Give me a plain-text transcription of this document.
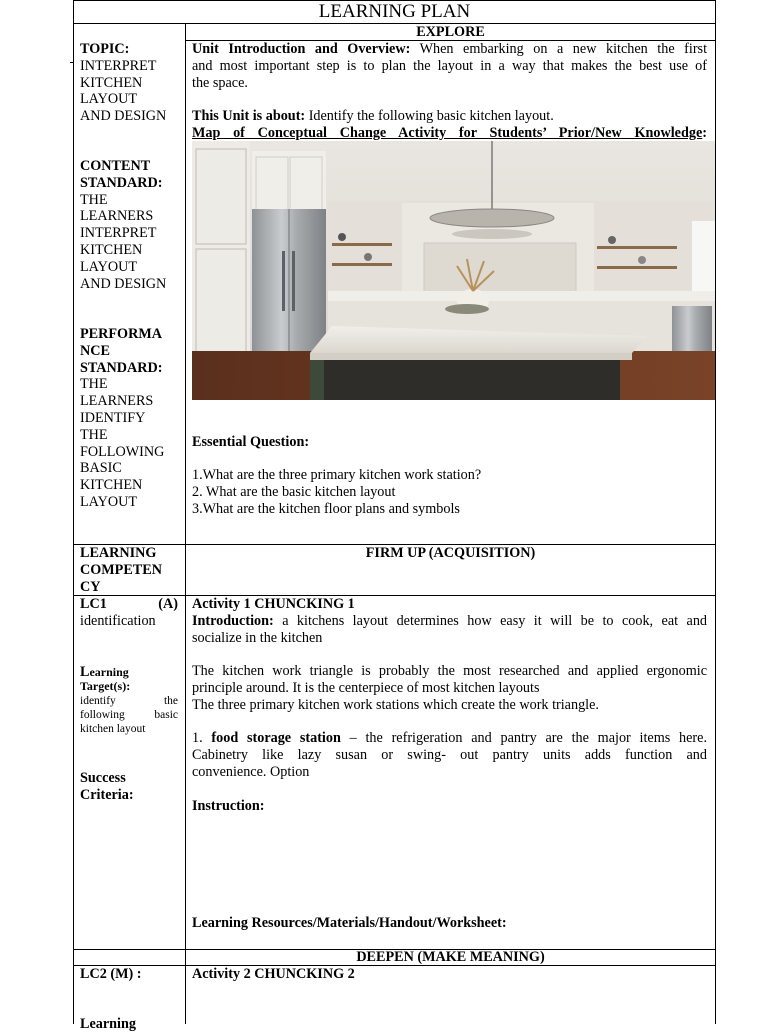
LEARNING PLAN
EXPLORE
TOPIC:
INTERPRET
KITCHEN
LAYOUT
AND DESIGN
CONTENT
STANDARD:
THE
LEARNERS
INTERPRET
KITCHEN
LAYOUT
AND DESIGN
PERFORMA
NCE
STANDARD:
THE
LEARNERS
IDENTIFY
THE
FOLLOWING
BASIC
KITCHEN
LAYOUT
Unit Introduction and Overview: When embarking on a new kitchen the first
and most important step is to plan the layout in a way that makes the best use of
the space.
This Unit is about: Identify the following basic kitchen layout.
Map of Conceptual Change Activity for Students’ Prior/New Knowledge:
Essential Question:
1.What are the three primary kitchen work station?
2. What are the basic kitchen layout
3.What are the kitchen floor plans and symbols
LEARNING
COMPETEN
CY
FIRM UP (ACQUISITION)
LC1	(A)
identification
Learning
Target(s):
identify the
following basic
kitchen layout
Success
Criteria:
Activity 1 CHUNCKING 1
Introduction: a kitchens layout determines how easy it will be to cook, eat and
socialize in the kitchen
The kitchen work triangle is probably the most researched and applied ergonomic
principle around. It is the centerpiece of most kitchen layouts
The three primary kitchen work stations which create the work triangle.
1. food storage station – the refrigeration and pantry are the major items here.
Cabinetry like lazy susan or swing- out pantry units adds function and
convenience. Option
Instruction:
Learning Resources/Materials/Handout/Worksheet:
DEEPEN (MAKE MEANING)
LC2 (M) :	Activity 2 CHUNCKING 2
Learning
